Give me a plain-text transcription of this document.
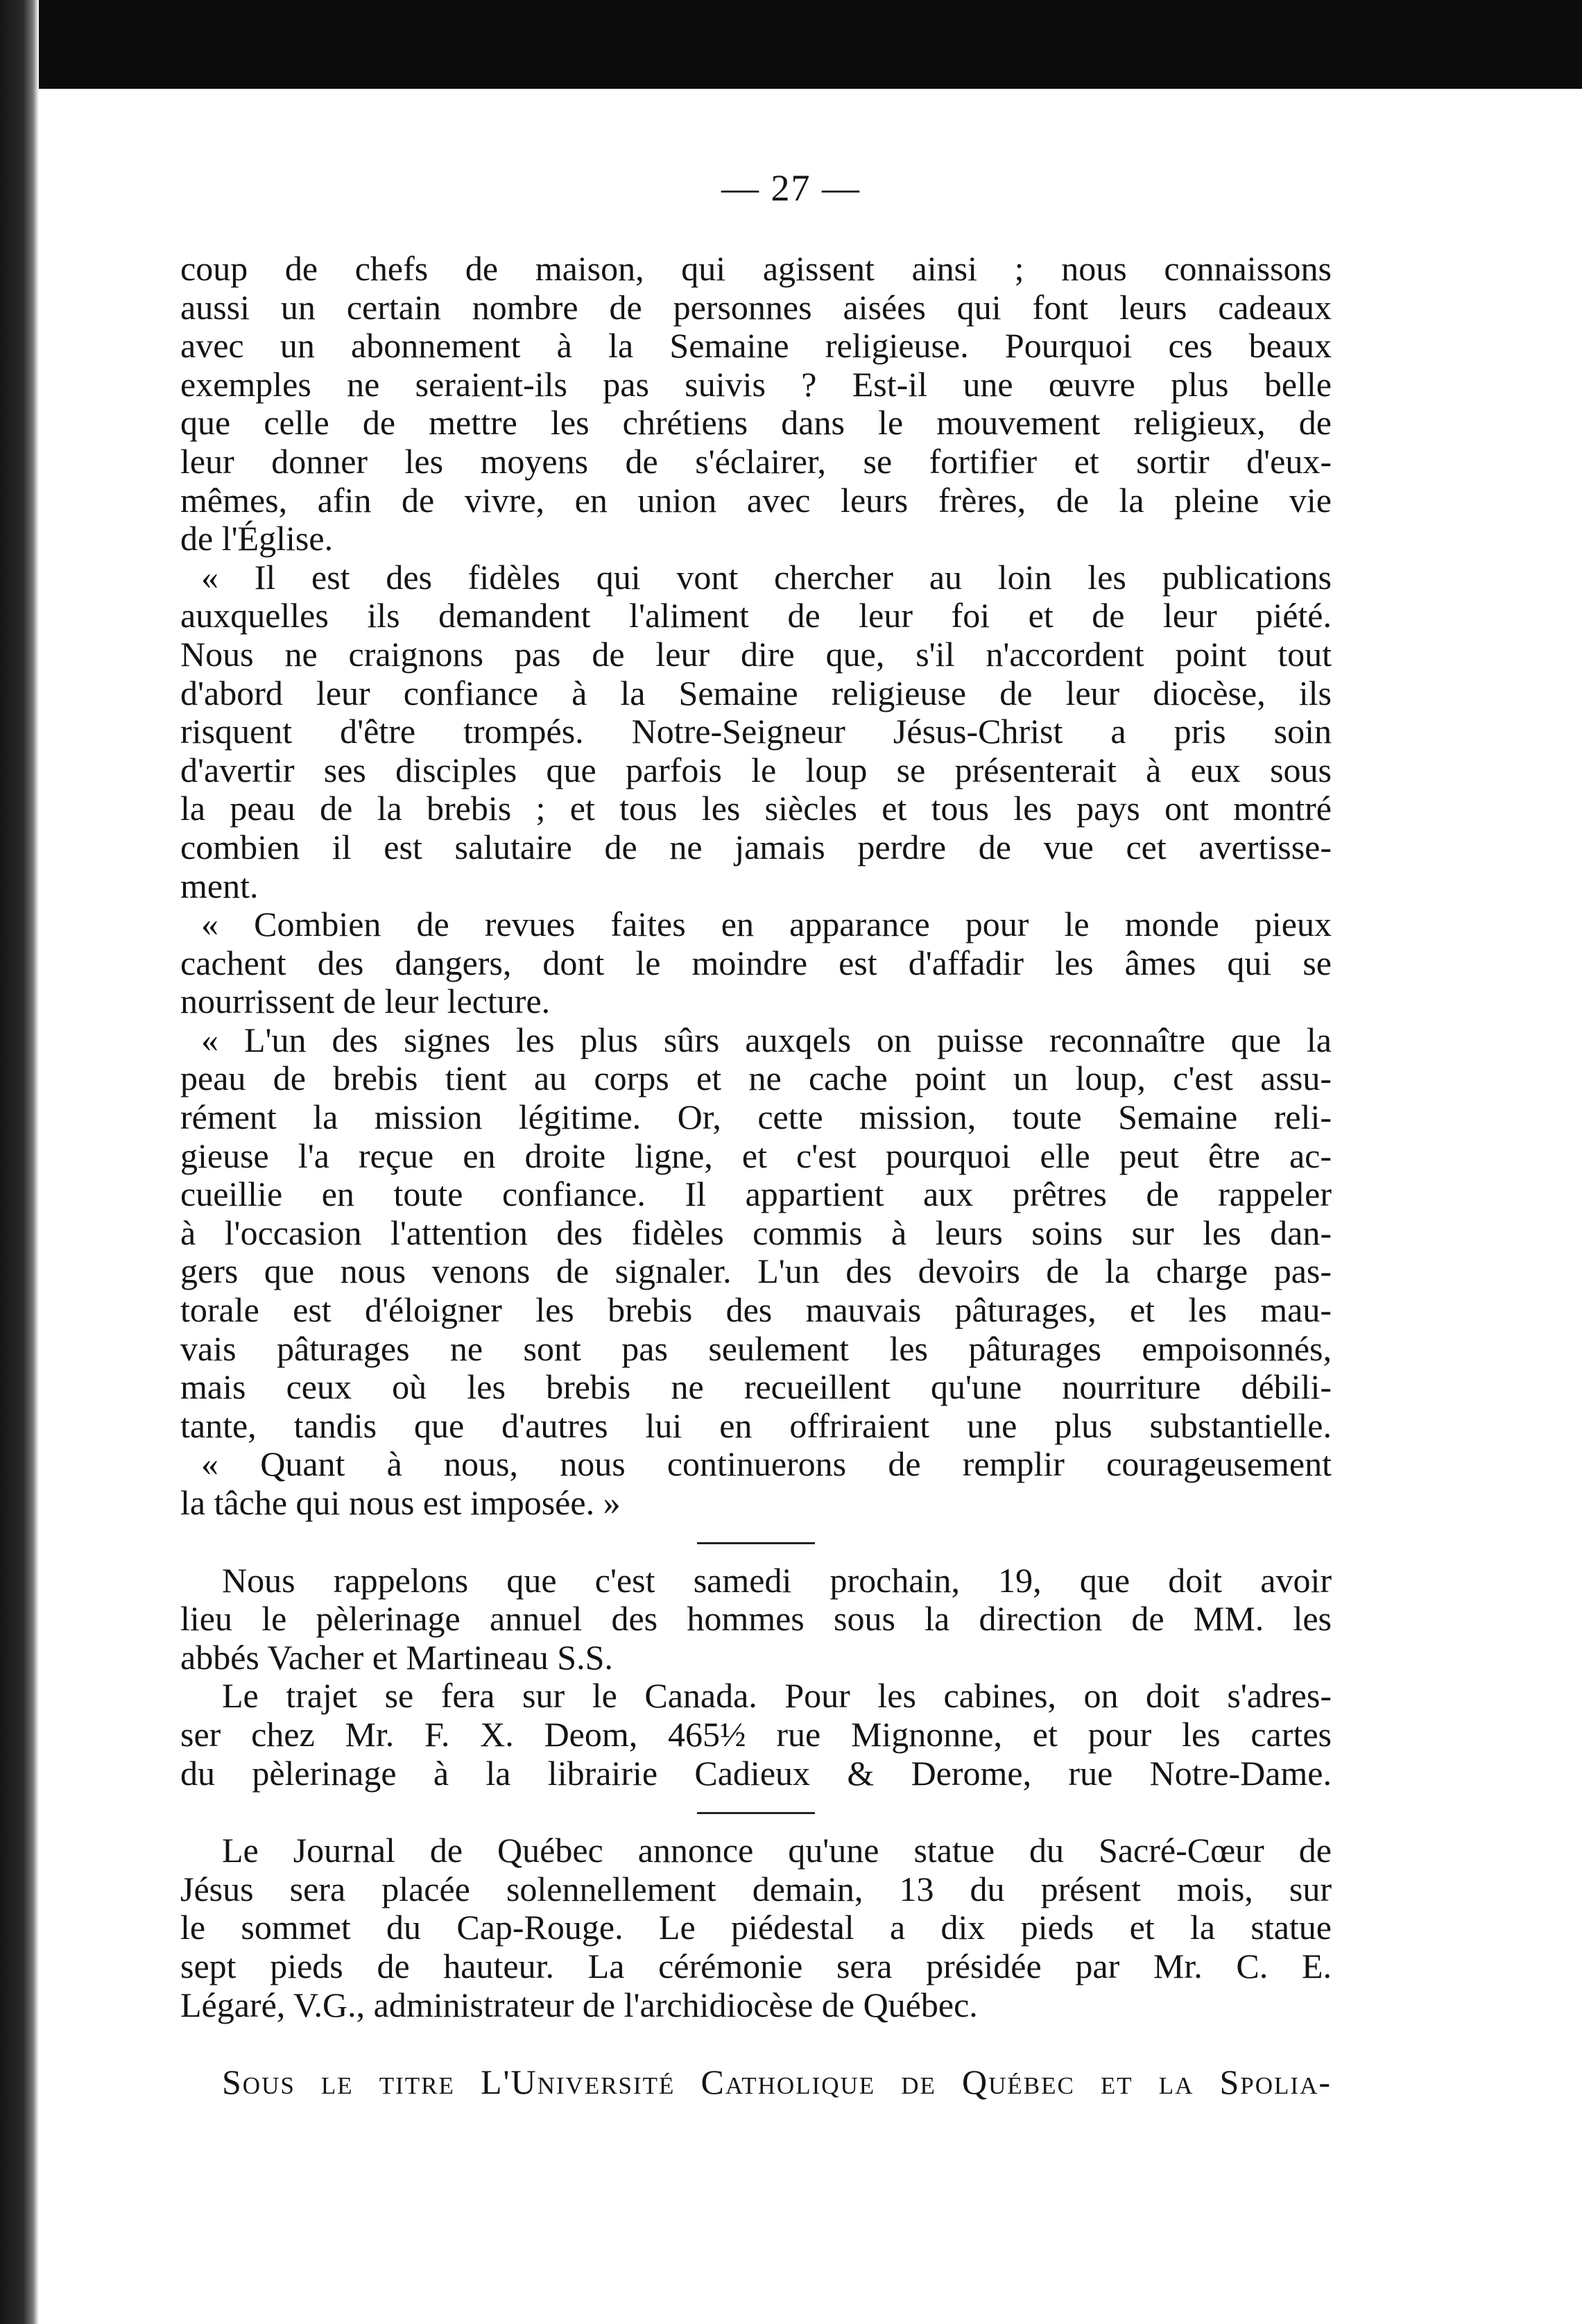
— 27 —
coup de chefs de maison, qui agissent ainsi ; nous connaissons
aussi un certain nombre de personnes aisées qui font leurs cadeaux
avec un abonnement à la Semaine religieuse. Pourquoi ces beaux
exemples ne seraient-ils pas suivis ? Est-il une œuvre plus belle
que celle de mettre les chrétiens dans le mouvement religieux, de
leur donner les moyens de s'éclairer, se fortifier et sortir d'eux-
mêmes, afin de vivre, en union avec leurs frères, de la pleine vie
de l'Église.
« Il est des fidèles qui vont chercher au loin les publications
auxquelles ils demandent l'aliment de leur foi et de leur piété.
Nous ne craignons pas de leur dire que, s'il n'accordent point tout
d'abord leur confiance à la Semaine religieuse de leur diocèse, ils
risquent d'être trompés. Notre-Seigneur Jésus-Christ a pris soin
d'avertir ses disciples que parfois le loup se présenterait à eux sous
la peau de la brebis ; et tous les siècles et tous les pays ont montré
combien il est salutaire de ne jamais perdre de vue cet avertisse-
ment.
« Combien de revues faites en apparance pour le monde pieux
cachent des dangers, dont le moindre est d'affadir les âmes qui se
nourrissent de leur lecture.
« L'un des signes les plus sûrs auxqels on puisse reconnaître que la
peau de brebis tient au corps et ne cache point un loup, c'est assu-
rément la mission légitime. Or, cette mission, toute Semaine reli-
gieuse l'a reçue en droite ligne, et c'est pourquoi elle peut être ac-
cueillie en toute confiance. Il appartient aux prêtres de rappeler
à l'occasion l'attention des fidèles commis à leurs soins sur les dan-
gers que nous venons de signaler. L'un des devoirs de la charge pas-
torale est d'éloigner les brebis des mauvais pâturages, et les mau-
vais pâturages ne sont pas seulement les pâturages empoisonnés,
mais ceux où les brebis ne recueillent qu'une nourriture débili-
tante, tandis que d'autres lui en offriraient une plus substantielle.
« Quant à nous, nous continuerons de remplir courageusement
la tâche qui nous est imposée. »
Nous rappelons que c'est samedi prochain, 19, que doit avoir
lieu le pèlerinage annuel des hommes sous la direction de MM. les
abbés Vacher et Martineau S.S.
Le trajet se fera sur le Canada. Pour les cabines, on doit s'adres-
ser chez Mr. F. X. Deom, 465½ rue Mignonne, et pour les cartes
du pèlerinage à la librairie Cadieux & Derome, rue Notre-Dame.
Le Journal de Québec annonce qu'une statue du Sacré-Cœur de
Jésus sera placée solennellement demain, 13 du présent mois, sur
le sommet du Cap-Rouge. Le piédestal a dix pieds et la statue
sept pieds de hauteur. La cérémonie sera présidée par Mr. C. E.
Légaré, V.G., administrateur de l'archidiocèse de Québec.
Sous le titre L'Université Catholique de Québec et la Spolia-
